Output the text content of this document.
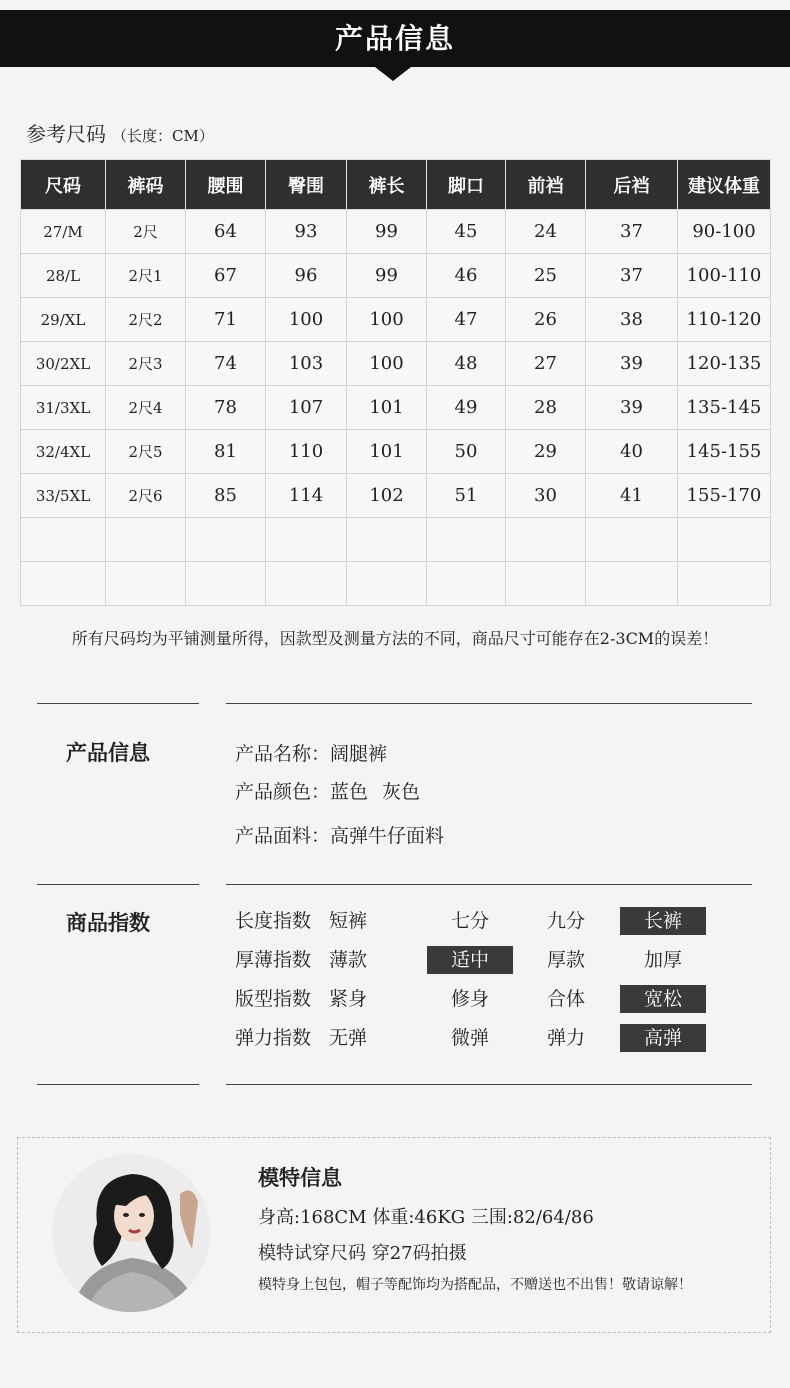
产品信息
参考尺码 （长度：CM）
尺码	裤码	腰围	臀围	裤长	脚口	前裆	后裆	建议体重
27/M	2尺	64	93	99	45	24	37	90-100
28/L	2尺1	67	96	99	46	25	37	100-110
29/XL	2尺2	71	100	100	47	26	38	110-120
30/2XL	2尺3	74	103	100	48	27	39	120-135
31/3XL	2尺4	78	107	101	49	28	39	135-145
32/4XL	2尺5	81	110	101	50	29	40	145-155
33/5XL	2尺6	85	114	102	51	30	41	155-170

所有尺码均为平铺测量所得，因款型及测量方法的不同，商品尺寸可能存在2-3CM的误差！
产品信息	产品名称：阔腿裤
产品颜色：蓝色 灰色
产品面料：高弹牛仔面料
商品指数	长度指数 短裤	七分	九分	长裤
厚薄指数 薄款	适中	厚款	加厚
版型指数 紧身	修身	合体	宽松
弹力指数 无弹	微弹	弹力	高弹
模特信息
身高:168CM 体重:46KG 三围:82/64/86
模特试穿尺码 穿27码拍摄
模特身上包包，帽子等配饰均为搭配品，不赠送也不出售！敬请谅解！
